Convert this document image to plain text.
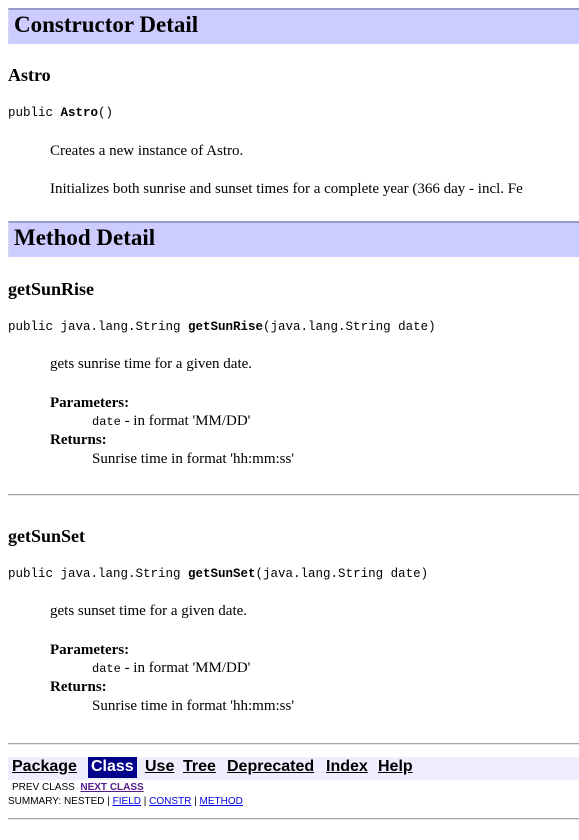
Constructor Detail
Astro
public Astro()
Creates a new instance of Astro.
Initializes both sunrise and sunset times for a complete year (366 day - incl. Fe
Method Detail
getSunRise
public java.lang.String getSunRise(java.lang.String date)
gets sunrise time for a given date.
Parameters:
date - in format 'MM/DD'
Returns:
Sunrise time in format 'hh:mm:ss'
getSunSet
public java.lang.String getSunSet(java.lang.String date)
gets sunset time for a given date.
Parameters:
date - in format 'MM/DD'
Returns:
Sunrise time in format 'hh:mm:ss'
Package Class Use Tree Deprecated Index Help
PREV CLASS NEXT CLASS
SUMMARY: NESTED | FIELD | CONSTR | METHOD
